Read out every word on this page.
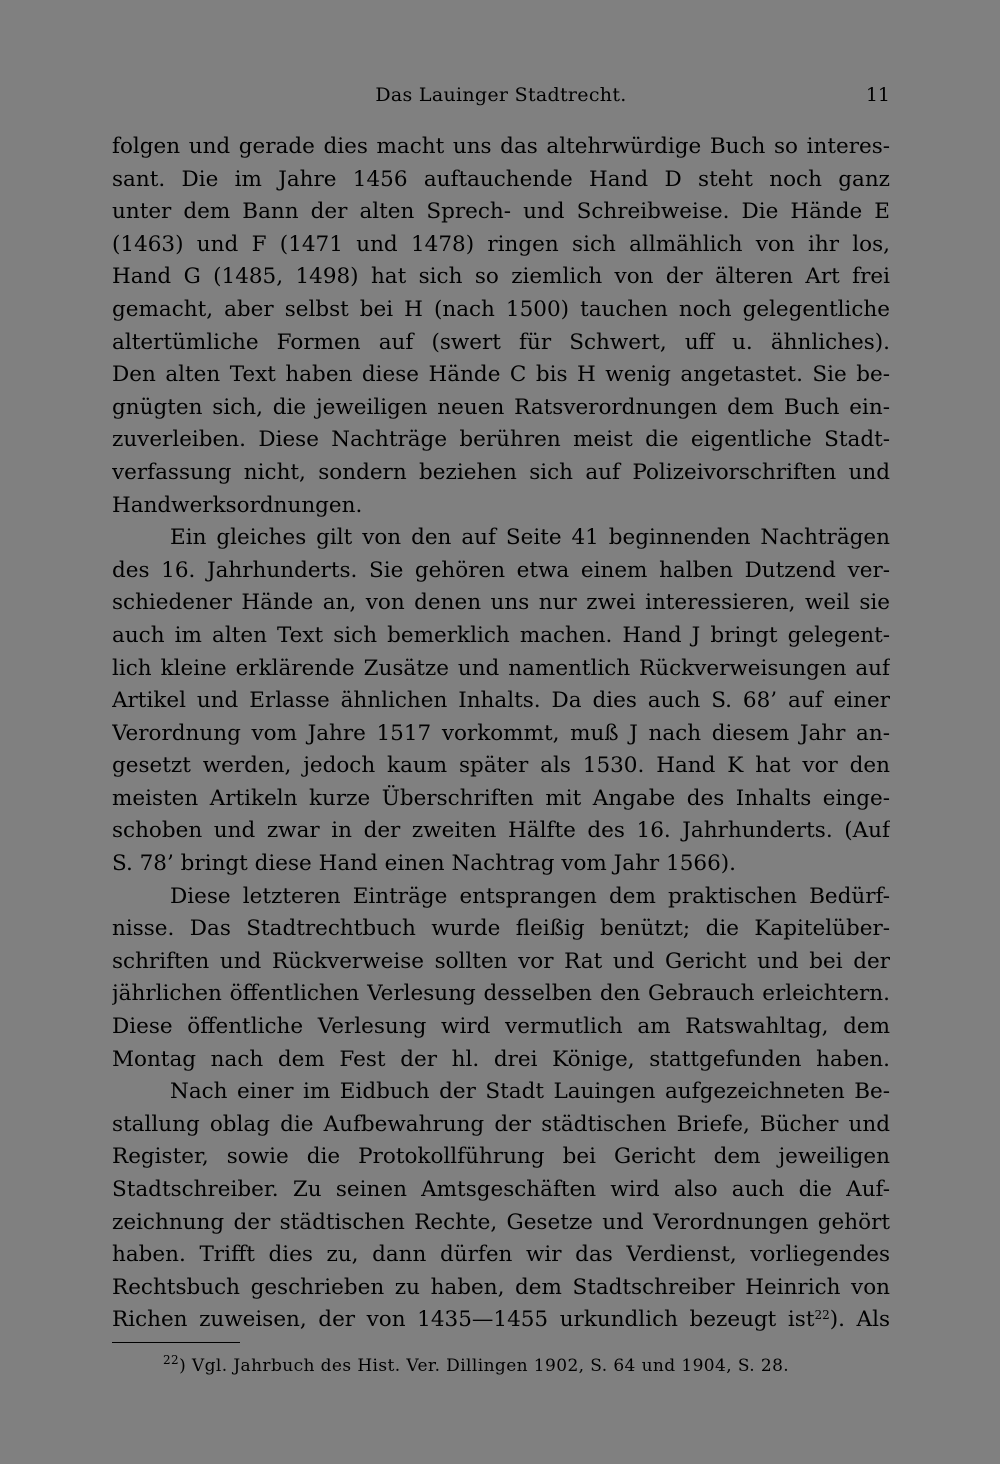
Das Lauinger Stadtrecht.	11
folgen und gerade dies macht uns das altehrwürdige Buch so interes-
sant. Die im Jahre 1456 auftauchende Hand D steht noch ganz
unter dem Bann der alten Sprech- und Schreibweise. Die Hände E
(1463) und F (1471 und 1478) ringen sich allmählich von ihr los,
Hand G (1485, 1498) hat sich so ziemlich von der älteren Art frei
gemacht, aber selbst bei H (nach 1500) tauchen noch gelegentliche
altertümliche Formen auf (swert für Schwert, uff u. ähnliches).
Den alten Text haben diese Hände C bis H wenig angetastet. Sie be-
gnügten sich, die jeweiligen neuen Ratsverordnungen dem Buch ein-
zuverleiben. Diese Nachträge berühren meist die eigentliche Stadt-
verfassung nicht, sondern beziehen sich auf Polizeivorschriften und
Handwerksordnungen.
Ein gleiches gilt von den auf Seite 41 beginnenden Nachträgen
des 16. Jahrhunderts. Sie gehören etwa einem halben Dutzend ver-
schiedener Hände an, von denen uns nur zwei interessieren, weil sie
auch im alten Text sich bemerklich machen. Hand J bringt gelegent-
lich kleine erklärende Zusätze und namentlich Rückverweisungen auf
Artikel und Erlasse ähnlichen Inhalts. Da dies auch S. 68’ auf einer
Verordnung vom Jahre 1517 vorkommt, muß J nach diesem Jahr an-
gesetzt werden, jedoch kaum später als 1530. Hand K hat vor den
meisten Artikeln kurze Überschriften mit Angabe des Inhalts einge-
schoben und zwar in der zweiten Hälfte des 16. Jahrhunderts. (Auf
S. 78’ bringt diese Hand einen Nachtrag vom Jahr 1566).
Diese letzteren Einträge entsprangen dem praktischen Bedürf-
nisse. Das Stadtrechtbuch wurde fleißig benützt; die Kapitelüber-
schriften und Rückverweise sollten vor Rat und Gericht und bei der
jährlichen öffentlichen Verlesung desselben den Gebrauch erleichtern.
Diese öffentliche Verlesung wird vermutlich am Ratswahltag, dem
Montag nach dem Fest der hl. drei Könige, stattgefunden haben.
Nach einer im Eidbuch der Stadt Lauingen aufgezeichneten Be-
stallung oblag die Aufbewahrung der städtischen Briefe, Bücher und
Register, sowie die Protokollführung bei Gericht dem jeweiligen
Stadtschreiber. Zu seinen Amtsgeschäften wird also auch die Auf-
zeichnung der städtischen Rechte, Gesetze und Verordnungen gehört
haben. Trifft dies zu, dann dürfen wir das Verdienst, vorliegendes
Rechtsbuch geschrieben zu haben, dem Stadtschreiber Heinrich von
Richen zuweisen, der von 1435—1455 urkundlich bezeugt ist$^{22}$). Als
$^{22}$) Vgl. Jahrbuch des Hist. Ver. Dillingen 1902, S. 64 und 1904, S. 28.
